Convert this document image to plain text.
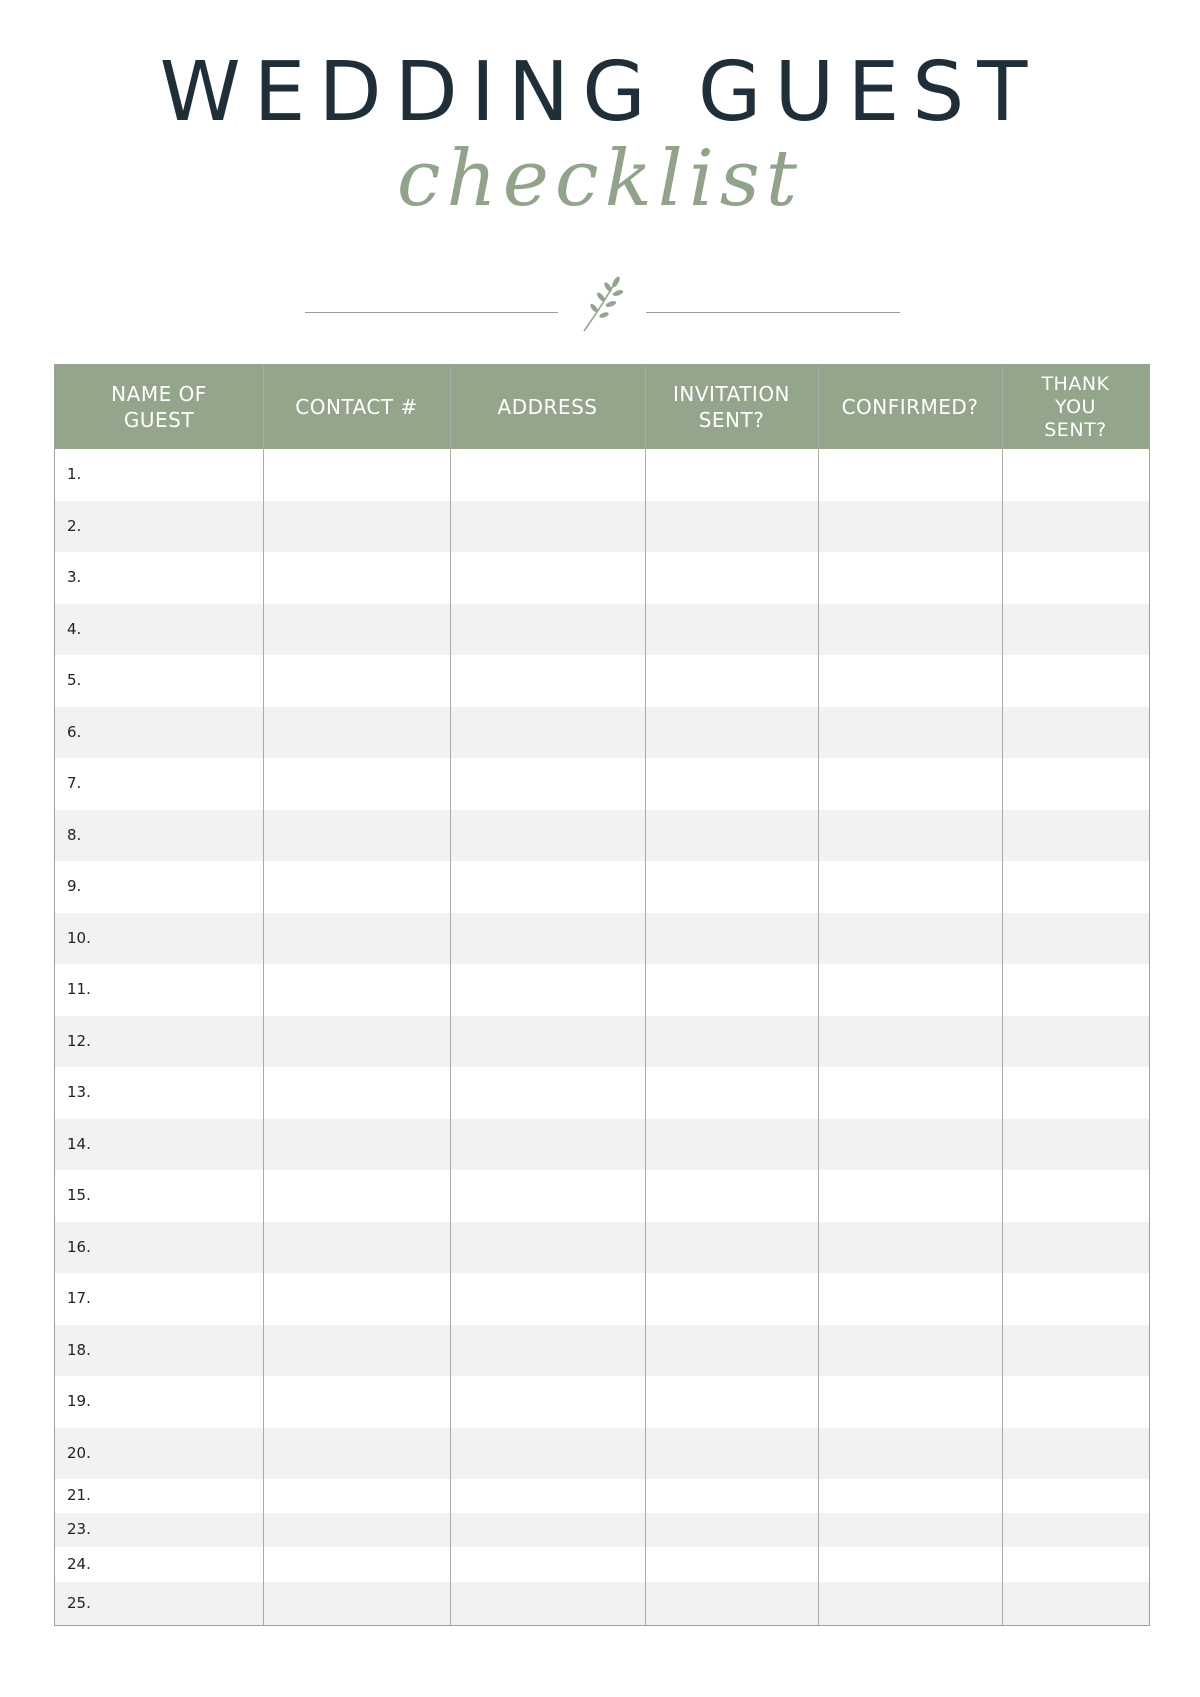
WEDDING GUEST
checklist
NAME OF
GUEST
CONTACT #	ADDRESS
INVITATION
SENT?
CONFIRMED?
THANK
YOU
SENT?
1.
2.
3.
4.
5.
6.
7.
8.
9.
10.
11.
12.
13.
14.
15.
16.
17.
18.
19.
20.
21.
23.
24.
25.
